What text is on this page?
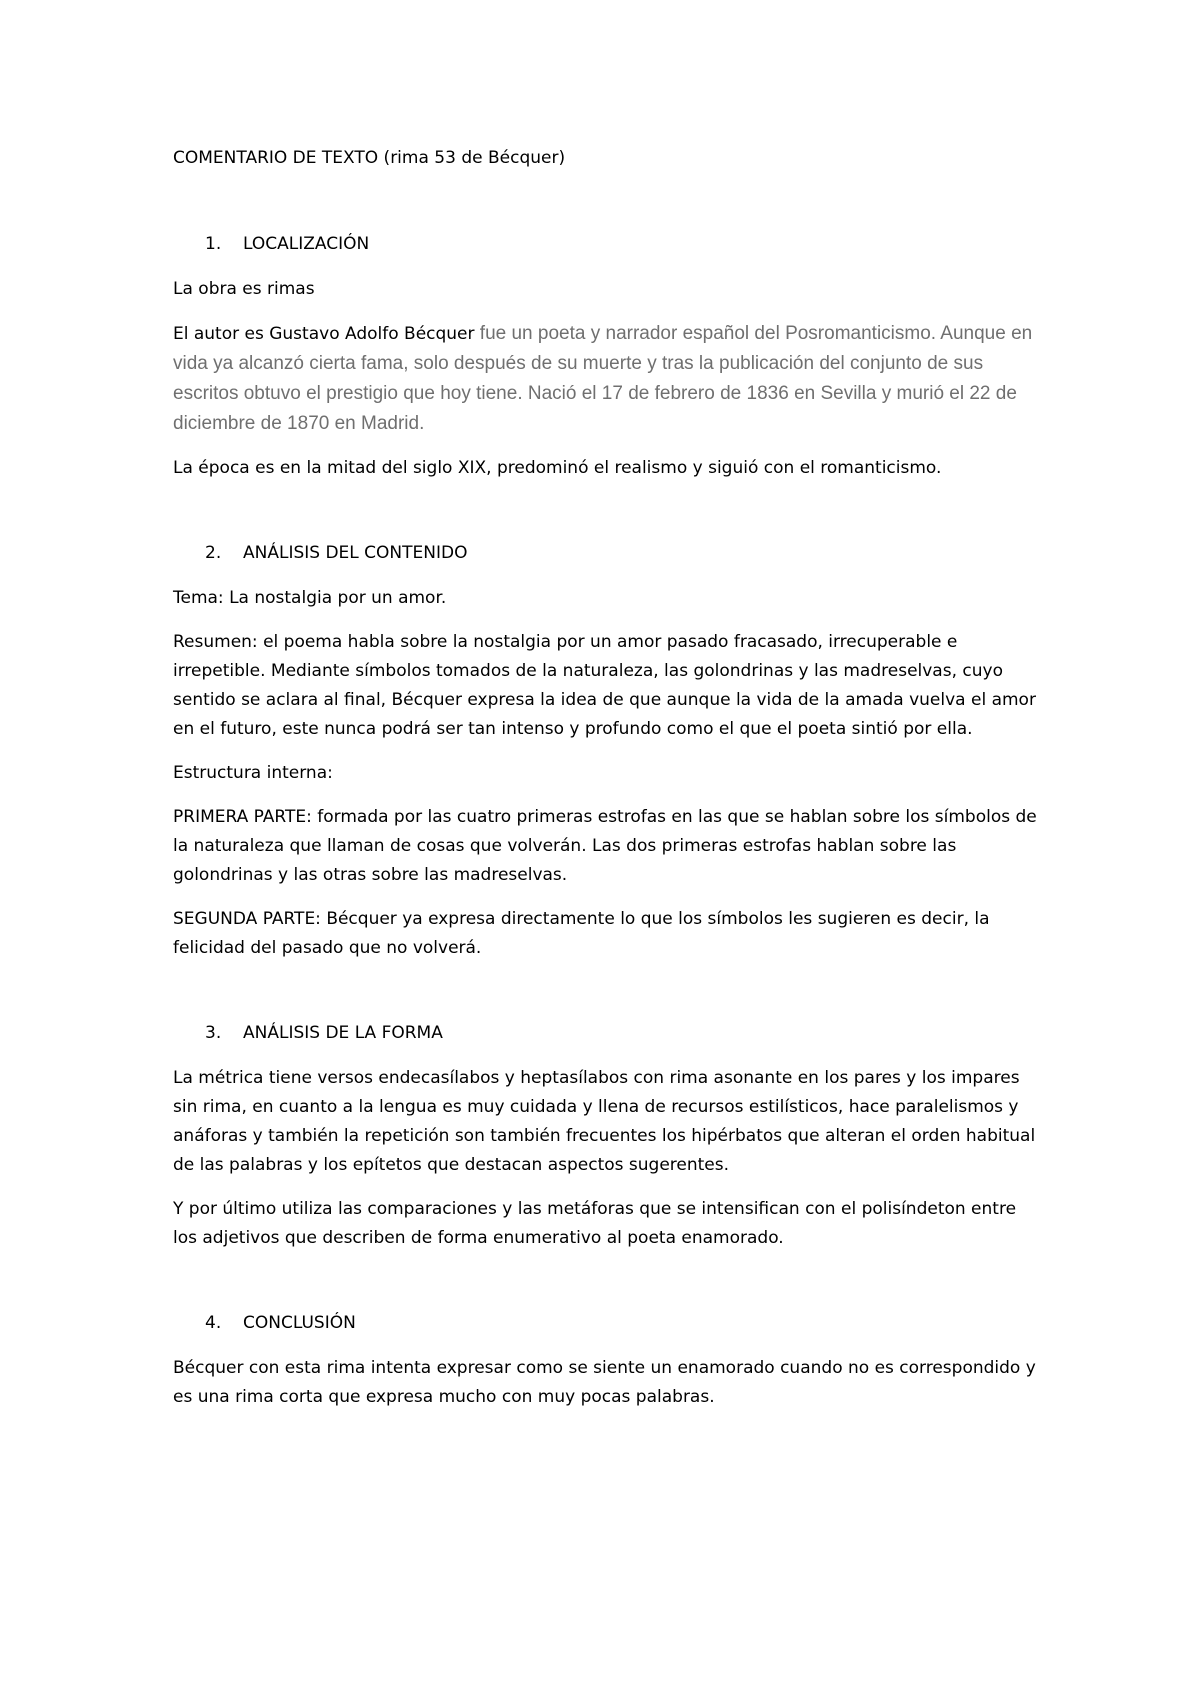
COMENTARIO DE TEXTO (rima 53 de Bécquer)
1. LOCALIZACIÓN
La obra es rimas
El autor es Gustavo Adolfo Bécquer fue un poeta y narrador español del Posromanticismo. Aunque en vida ya alcanzó cierta fama, solo después de su muerte y tras la publicación del conjunto de sus escritos obtuvo el prestigio que hoy tiene. Nació el 17 de febrero de 1836 en Sevilla y murió el 22 de diciembre de 1870 en Madrid.
La época es en la mitad del siglo XIX, predominó el realismo y siguió con el romanticismo.
2. ANÁLISIS DEL CONTENIDO
Tema: La nostalgia por un amor.
Resumen: el poema habla sobre la nostalgia por un amor pasado fracasado, irrecuperable e irrepetible. Mediante símbolos tomados de la naturaleza, las golondrinas y las madreselvas, cuyo sentido se aclara al final, Bécquer expresa la idea de que aunque la vida de la amada vuelva el amor en el futuro, este nunca podrá ser tan intenso y profundo como el que el poeta sintió por ella.
Estructura interna:
PRIMERA PARTE: formada por las cuatro primeras estrofas en las que se hablan sobre los símbolos de la naturaleza que llaman de cosas que volverán. Las dos primeras estrofas hablan sobre las golondrinas y las otras sobre las madreselvas.
SEGUNDA PARTE: Bécquer ya expresa directamente lo que los símbolos les sugieren es decir, la felicidad del pasado que no volverá.
3. ANÁLISIS DE LA FORMA
La métrica tiene versos endecasílabos y heptasílabos con rima asonante en los pares y los impares sin rima, en cuanto a la lengua es muy cuidada y llena de recursos estilísticos, hace paralelismos y anáforas y también la repetición son también frecuentes los hipérbatos que alteran el orden habitual de las palabras y los epítetos que destacan aspectos sugerentes.
Y por último utiliza las comparaciones y las metáforas que se intensifican con el polisíndeton entre los adjetivos que describen de forma enumerativo al poeta enamorado.
4. CONCLUSIÓN
Bécquer con esta rima intenta expresar como se siente un enamorado cuando no es correspondido y es una rima corta que expresa mucho con muy pocas palabras.
